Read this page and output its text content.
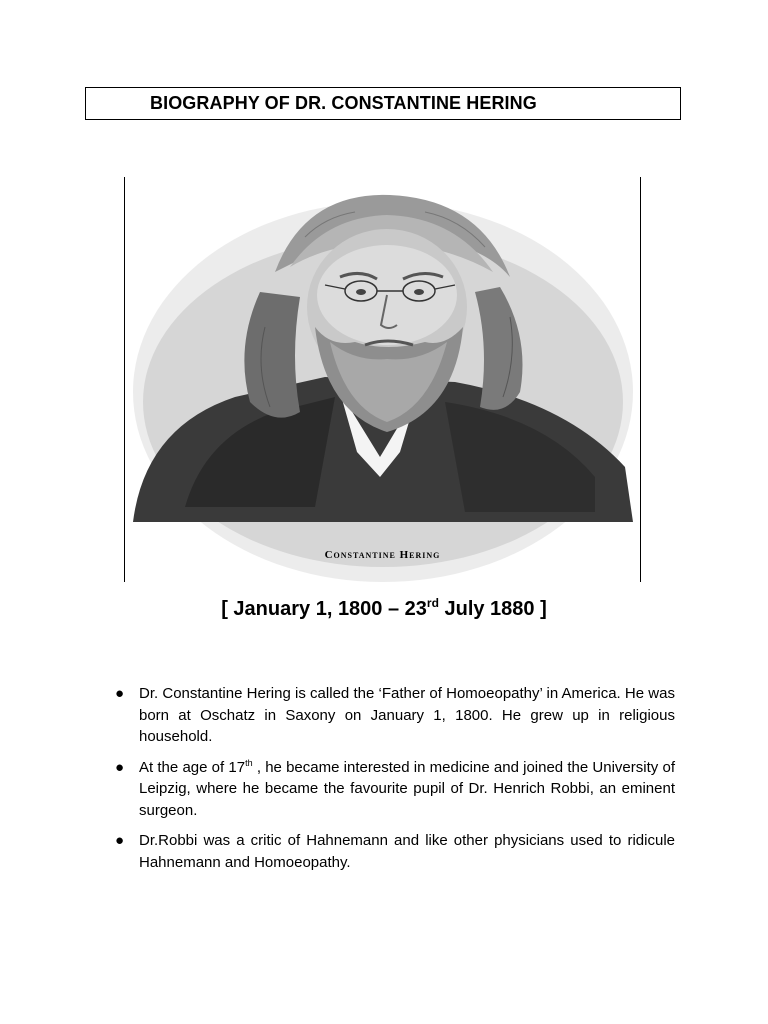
BIOGRAPHY OF DR. CONSTANTINE HERING
Constantine Hering
[ January 1, 1800 – 23rd July 1880 ]
● Dr. Constantine Hering is called the ‘Father of Homoeopathy’ in America. He was born at Oschatz in Saxony on January 1, 1800. He grew up in religious household.
● At the age of 17th , he became interested in medicine and joined the University of Leipzig, where he became the favourite pupil of Dr. Henrich Robbi, an eminent surgeon.
● Dr.Robbi was a critic of Hahnemann and like other physicians used to ridicule Hahnemann and Homoeopathy.
